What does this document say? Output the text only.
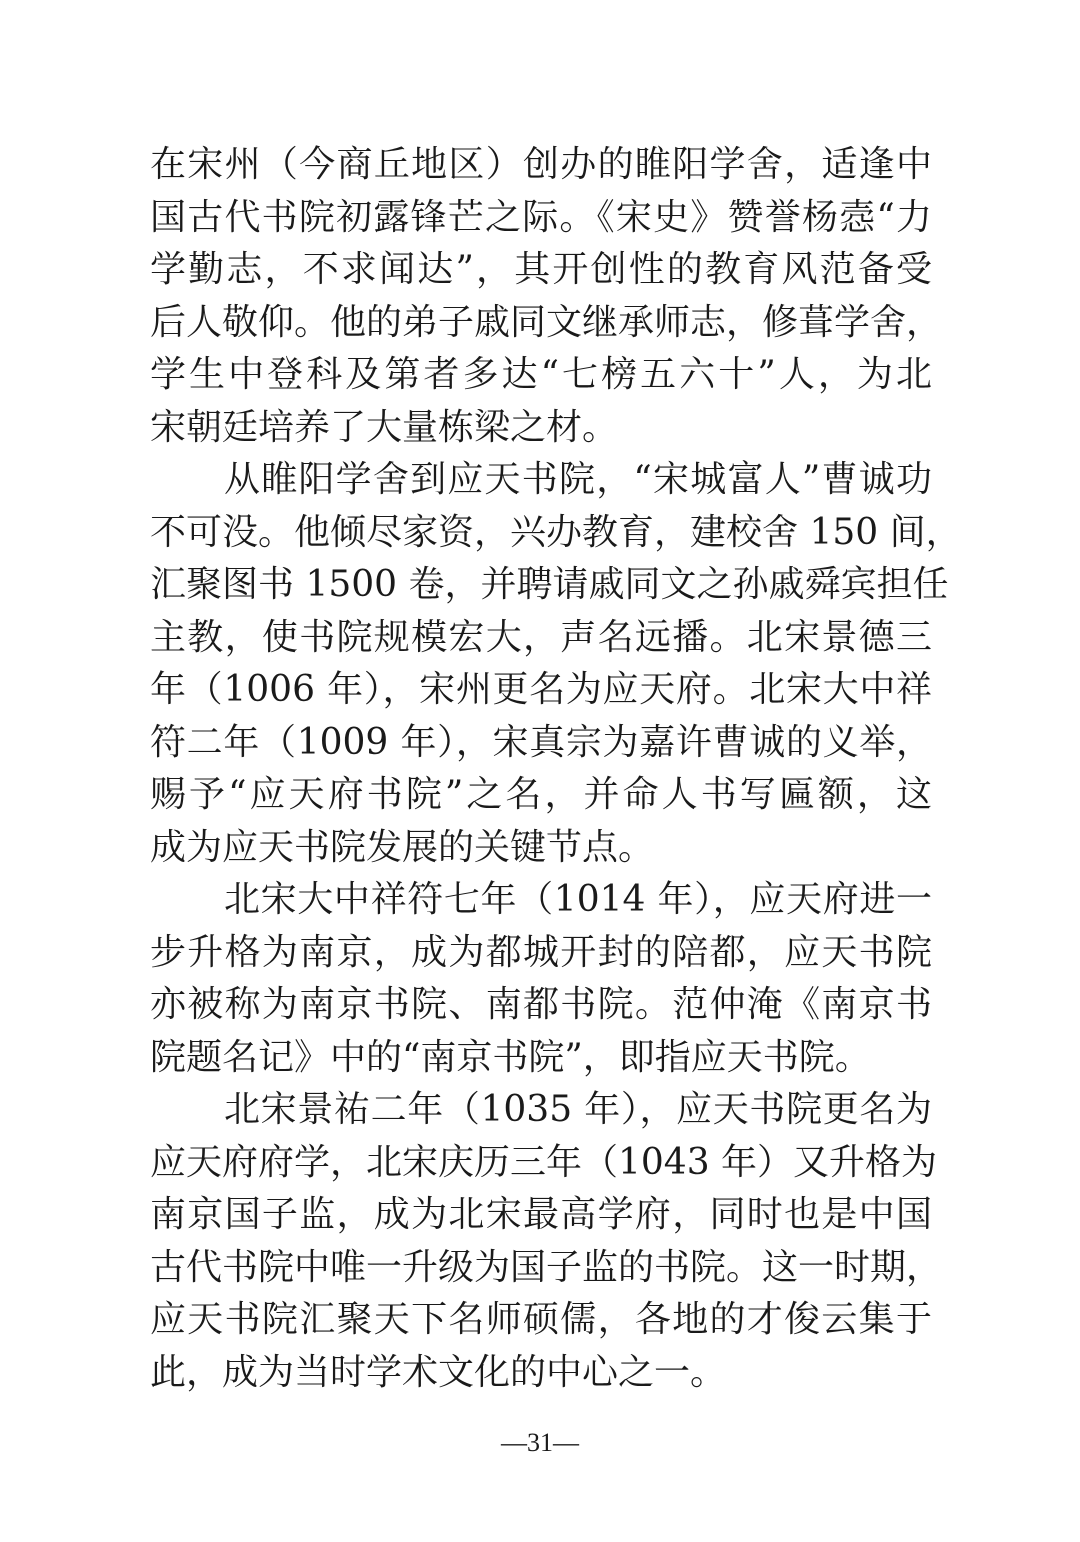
在宋州（今商丘地区）创办的睢阳学舍，适逢中
国古代书院初露锋芒之际。《宋史》赞誉杨悫“力
学勤志，不求闻达”，其开创性的教育风范备受
后人敬仰。他的弟子戚同文继承师志，修葺学舍，
学生中登科及第者多达“七榜五六十”人，为北
宋朝廷培养了大量栋梁之材。
从睢阳学舍到应天书院，“宋城富人”曹诚功
不可没。他倾尽家资，兴办教育，建校舍 150 间，
汇聚图书 1500 卷，并聘请戚同文之孙戚舜宾担任
主教，使书院规模宏大，声名远播。北宋景德三
年（1006 年），宋州更名为应天府。北宋大中祥
符二年（1009 年），宋真宗为嘉许曹诚的义举，
赐予“应天府书院”之名，并命人书写匾额，这
成为应天书院发展的关键节点。
北宋大中祥符七年（1014 年），应天府进一
步升格为南京，成为都城开封的陪都，应天书院
亦被称为南京书院、南都书院。范仲淹《南京书
院题名记》中的“南京书院”，即指应天书院。
北宋景祐二年（1035 年），应天书院更名为
应天府府学，北宋庆历三年（1043 年）又升格为
南京国子监，成为北宋最高学府，同时也是中国
古代书院中唯一升级为国子监的书院。这一时期，
应天书院汇聚天下名师硕儒，各地的才俊云集于
此，成为当时学术文化的中心之一。
—31—
